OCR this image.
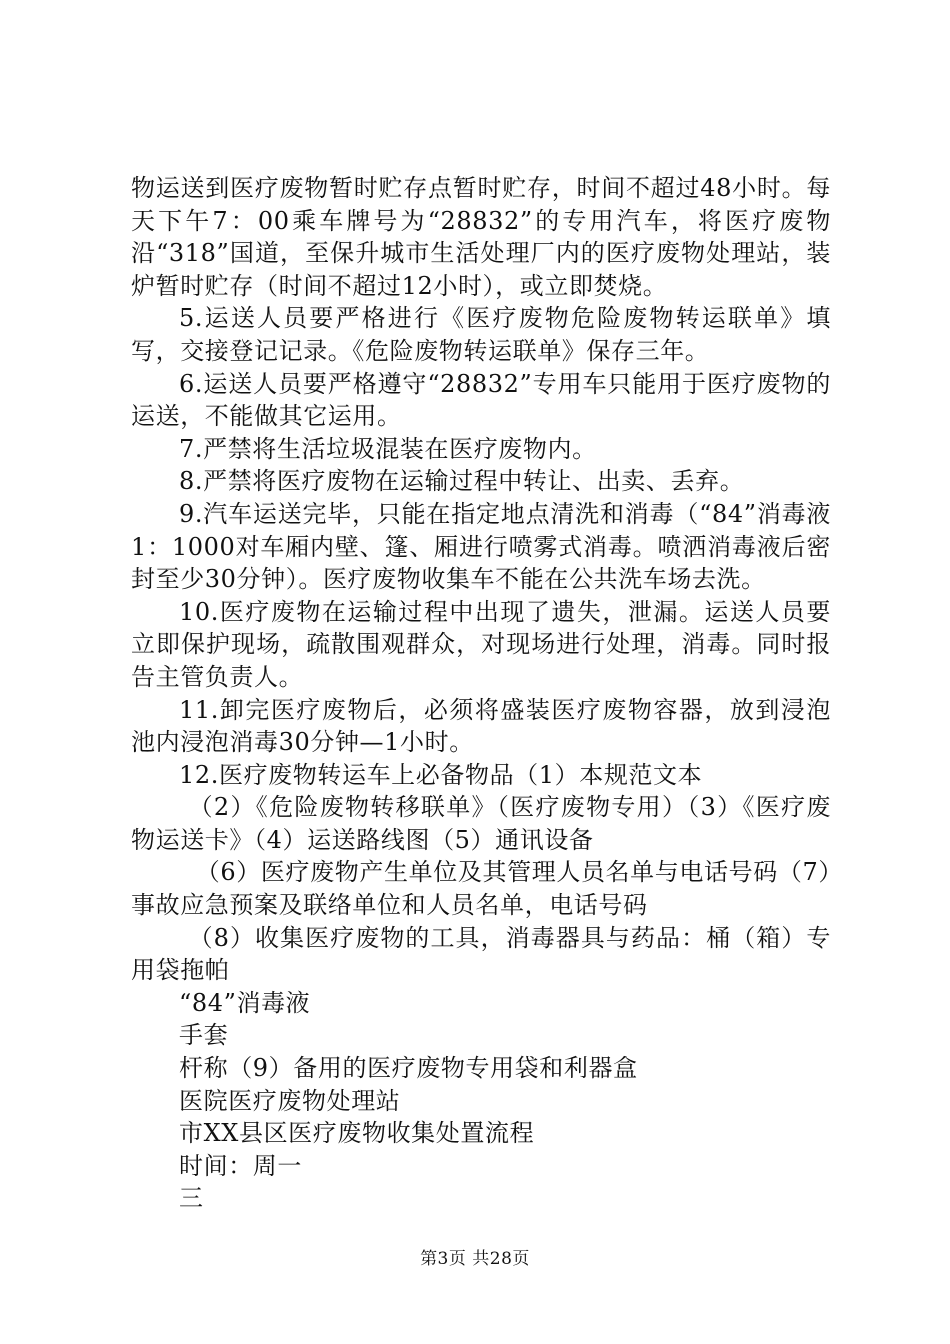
物运送到医疗废物暂时贮存点暂时贮存，时间不超过48小时。每天下午7：00乘车牌号为“28832”的专用汽车，将医疗废物沿“318”国道，至保升城市生活处理厂内的医疗废物处理站，装炉暂时贮存（时间不超过12小时），或立即焚烧。

5.运送人员要严格进行《医疗废物危险废物转运联单》填写，交接登记记录。《危险废物转运联单》保存三年。

6.运送人员要严格遵守“28832”专用车只能用于医疗废物的运送，不能做其它运用。

7.严禁将生活垃圾混装在医疗废物内。

8.严禁将医疗废物在运输过程中转让、出卖、丢弃。

9.汽车运送完毕，只能在指定地点清洗和消毒（“84”消毒液1：1000对车厢内壁、篷、厢进行喷雾式消毒。喷洒消毒液后密封至少30分钟）。医疗废物收集车不能在公共洗车场去洗。

10.医疗废物在运输过程中出现了遗失，泄漏。运送人员要立即保护现场，疏散围观群众，对现场进行处理，消毒。同时报告主管负责人。

11.卸完医疗废物后，必须将盛装医疗废物容器，放到浸泡池内浸泡消毒30分钟—1小时。

12.医疗废物转运车上必备物品（1）本规范文本

（2）《危险废物转移联单》（医疗废物专用）（3）《医疗废物运送卡》（4）运送路线图（5）通讯设备

（6）医疗废物产生单位及其管理人员名单与电话号码（7）事故应急预案及联络单位和人员名单，电话号码

（8）收集医疗废物的工具，消毒器具与药品：桶（箱）专用袋拖帕

“84”消毒液

手套

杆称（9）备用的医疗废物专用袋和利器盒

医院医疗废物处理站

市XX县区医疗废物收集处置流程

时间：周一

三

第3页 共28页
